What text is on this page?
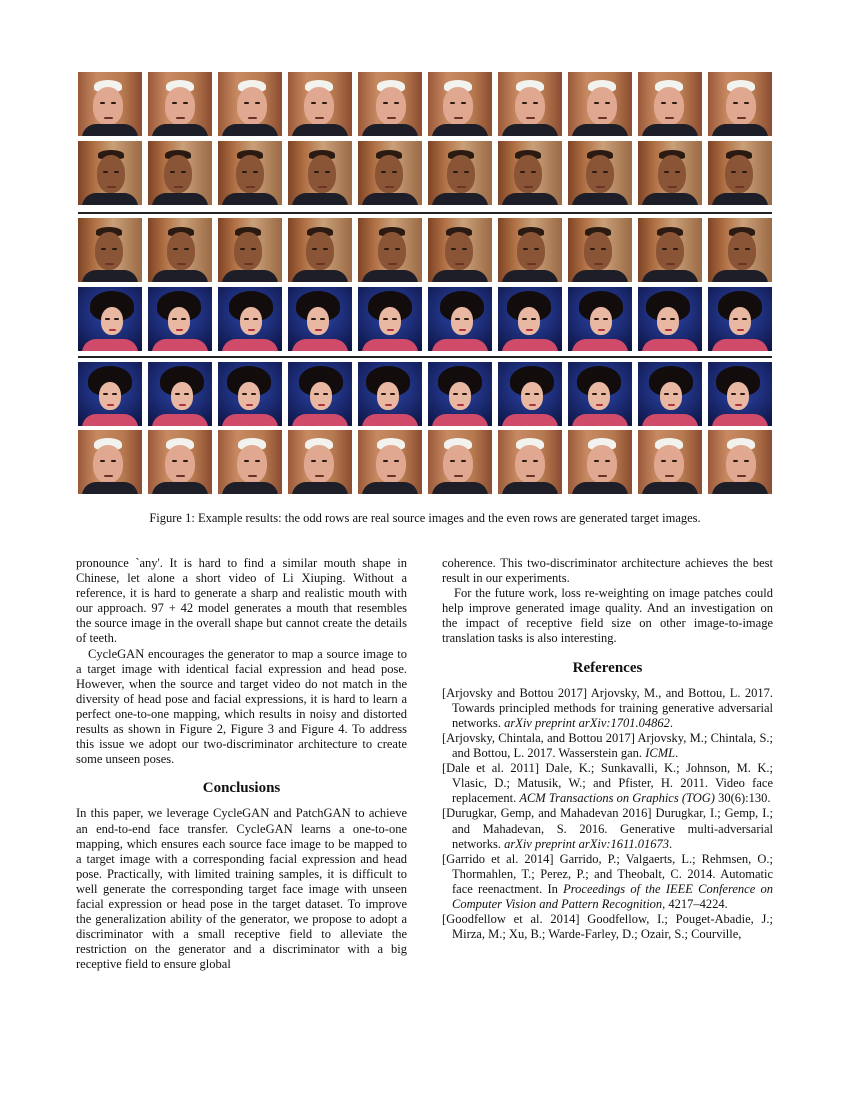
Figure 1: Example results: the odd rows are real source images and the even rows are generated target images.

pronounce `any'. It is hard to find a similar mouth shape in Chinese, let alone a short video of Li Xiuping. Without a reference, it is hard to generate a sharp and realistic mouth with our approach. 97 + 42 model generates a mouth that resembles the source image in the overall shape but cannot create the details of teeth.

CycleGAN encourages the generator to map a source image to a target image with identical facial expression and head pose. However, when the source and target video do not match in the diversity of head pose and facial expressions, it is hard to learn a perfect one-to-one mapping, which results in noisy and distorted results as shown in Figure 2, Figure 3 and Figure 4. To address this issue we adopt our two-discriminator architecture to create some unseen poses.

Conclusions

In this paper, we leverage CycleGAN and PatchGAN to achieve an end-to-end face transfer. CycleGAN learns a one-to-one mapping, which ensures each source face image to be mapped to a target image with a corresponding facial expression and head pose. Practically, with limited training samples, it is difficult to well generate the corresponding target face image with unseen facial expression or head pose in the target dataset. To improve the generalization ability of the generator, we propose to adopt a discriminator with a small receptive field to alleviate the restriction on the generator and a discriminator with a big receptive field to ensure global

coherence. This two-discriminator architecture achieves the best result in our experiments.

For the future work, loss re-weighting on image patches could help improve generated image quality. And an investigation on the impact of receptive field size on other image-to-image translation tasks is also interesting.

References

[Arjovsky and Bottou 2017] Arjovsky, M., and Bottou, L. 2017. Towards principled methods for training generative adversarial networks. arXiv preprint arXiv:1701.04862.

[Arjovsky, Chintala, and Bottou 2017] Arjovsky, M.; Chintala, S.; and Bottou, L. 2017. Wasserstein gan. ICML.

[Dale et al. 2011] Dale, K.; Sunkavalli, K.; Johnson, M. K.; Vlasic, D.; Matusik, W.; and Pfister, H. 2011. Video face replacement. ACM Transactions on Graphics (TOG) 30(6):130.

[Durugkar, Gemp, and Mahadevan 2016] Durugkar, I.; Gemp, I.; and Mahadevan, S. 2016. Generative multi-adversarial networks. arXiv preprint arXiv:1611.01673.

[Garrido et al. 2014] Garrido, P.; Valgaerts, L.; Rehmsen, O.; Thormahlen, T.; Perez, P.; and Theobalt, C. 2014. Automatic face reenactment. In Proceedings of the IEEE Conference on Computer Vision and Pattern Recognition, 4217–4224.

[Goodfellow et al. 2014] Goodfellow, I.; Pouget-Abadie, J.; Mirza, M.; Xu, B.; Warde-Farley, D.; Ozair, S.; Courville,
